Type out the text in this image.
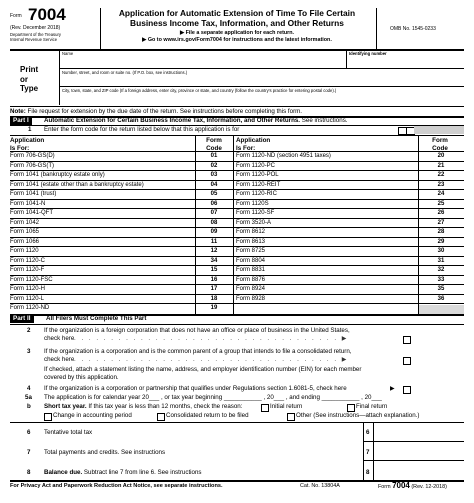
Form 7004
(Rev. December 2018)
Department of the Treasury
Internal Revenue Service
Application for Automatic Extension of Time To File Certain
Business Income Tax, Information, and Other Returns
▶ File a separate application for each return.
▶ Go to www.irs.gov/Form7004 for instructions and the latest information.
OMB No. 1545-0233
Print
or
Type
Name	Identifying number
Number, street, and room or suite no. (If P.O. box, see instructions.)
City, town, state, and ZIP code (If a foreign address, enter city, province or state, and country (follow the country's practice for entering postal code).)
Note: File request for extension by the due date of the return. See instructions before completing this form.
Part I	Automatic Extension for Certain Business Income Tax, Information, and Other Returns. See instructions.
1 Enter the form code for the return listed below that this application is for
Application
Is For:
Form
Code
Application
Is For:
Form
Code
Form 706-GS(D)	01	Form 1120-ND (section 4951 taxes)	20
Form 706-GS(T)	02	Form 1120-PC	21
Form 1041 (bankruptcy estate only)	03	Form 1120-POL	22
Form 1041 (estate other than a bankruptcy estate)	04	Form 1120-REIT	23
Form 1041 (trust)	05	Form 1120-RIC	24
Form 1041-N	06	Form 1120S	25
Form 1041-QFT	07	Form 1120-SF	26
Form 1042	08	Form 3520-A	27
Form 1065	09	Form 8612	28
Form 1066	11	Form 8613	29
Form 1120	12	Form 8725	30
Form 1120-C	34	Form 8804	31
Form 1120-F	15	Form 8831	32
Form 1120-FSC	16	Form 8876	33
Form 1120-H	17	Form 8924	35
Form 1120-L	18	Form 8928	36
Form 1120-ND	19
Part II	All Filers Must Complete This Part
2 If the organization is a foreign corporation that does not have an office or place of business in the United States,
check here . . . . . . . . . . . . . . . . . . . . . . . . . . . . . . . . . . . . ▶
3 If the organization is a corporation and is the common parent of a group that intends to file a consolidated return,
check here . . . . . . . . . . . . . . . . . . . . . . . . . . . . . . . . . . . . ▶
If checked, attach a statement listing the name, address, and employer identification number (EIN) for each member
covered by this application.
4 If the organization is a corporation or partnership that qualifies under Regulations section 1.6081-5, check here	▶
5a The application is for calendar year 20___ , or tax year beginning ___________ , 20___ , and ending ___________ , 20___
b Short tax year. If this tax year is less than 12 months, check the reason:	Initial return	Final return
Change in accounting period	Consolidated return to be filed	Other (See instructions—attach explanation.)
6 Tentative total tax	6
7 Total payments and credits. See instructions	7
8 Balance due. Subtract line 7 from line 6. See instructions	8
For Privacy Act and Paperwork Reduction Act Notice, see separate instructions.	Cat. No. 13804A	Form 7004 (Rev. 12-2018)
